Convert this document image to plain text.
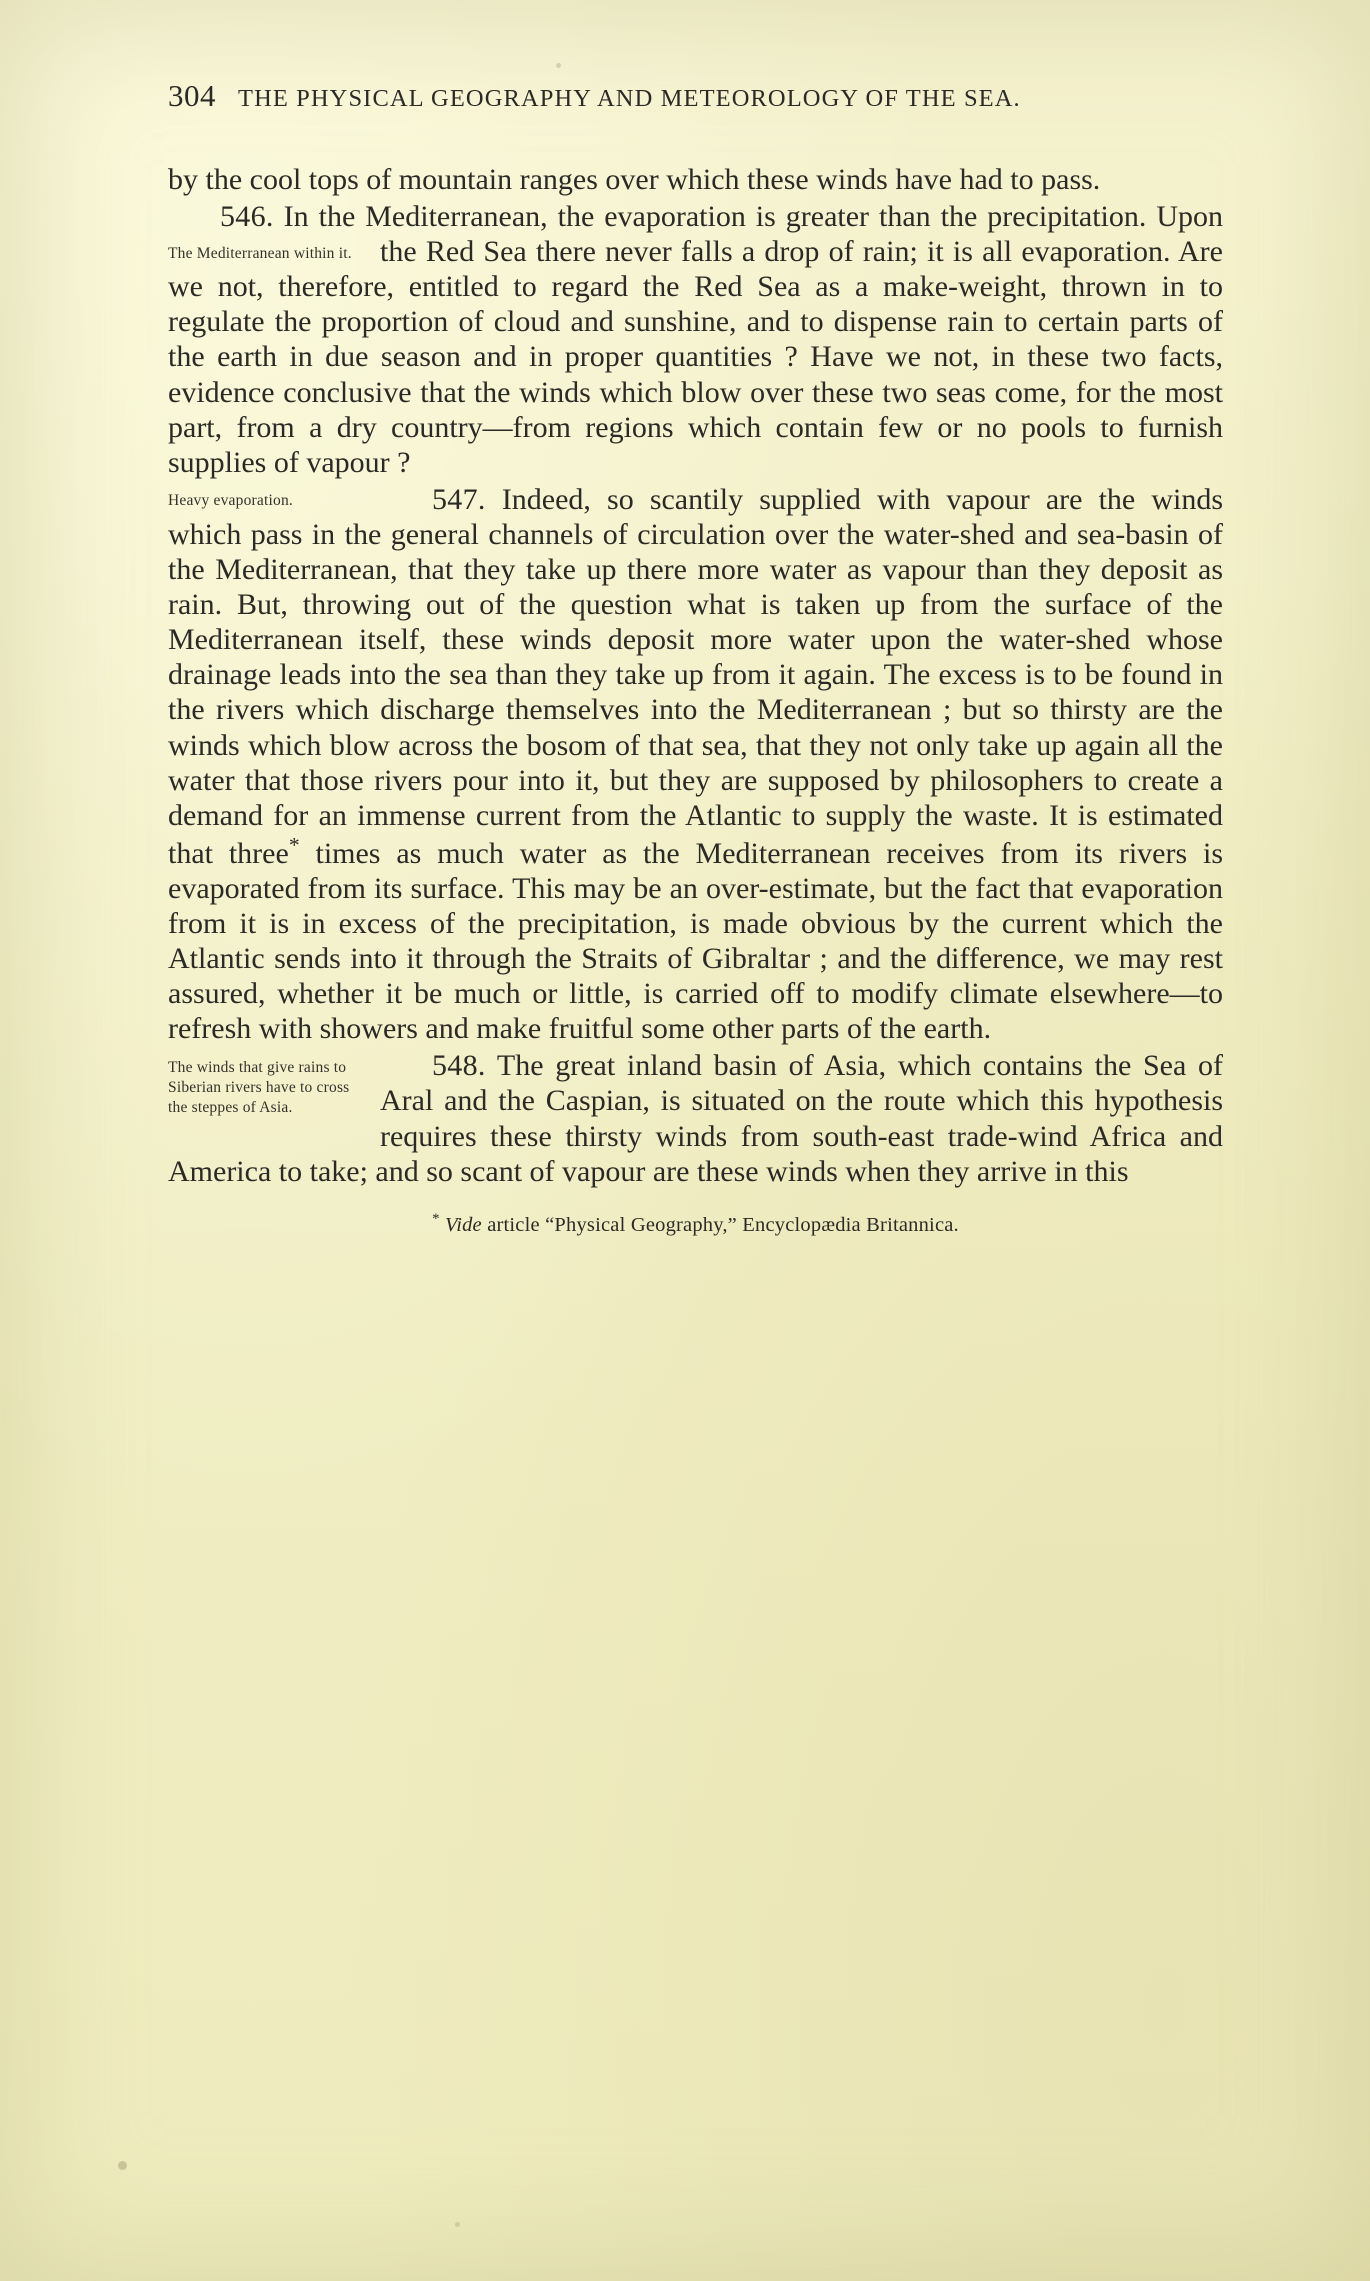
304 THE PHYSICAL GEOGRAPHY AND METEOROLOGY OF THE SEA.

by the cool tops of mountain ranges over which these winds have had to pass.

546. In the Mediterranean, the evaporation is greater than the precipitation.
The Mediterranean within it.
Upon the Red Sea there never falls a drop of rain; it is all evaporation. Are we not, therefore, entitled to regard the Red Sea as a make-weight, thrown in to regulate the proportion of cloud and sunshine, and to dispense rain to certain parts of the earth in due season and in proper quantities ? Have we not, in these two facts, evidence conclusive that the winds which blow over these two seas come, for the most part, from a dry country—from regions which contain few or no pools to furnish supplies of vapour ?

547. Indeed, so scantily supplied with vapour are the winds
Heavy evaporation.
which pass in the general channels of circulation over the water-shed and sea-basin of the Mediterranean, that they take up there more water as vapour than they deposit as rain. But, throwing out of the question what is taken up from the surface of the Mediterranean itself, these winds deposit more water upon the water-shed whose drainage leads into the sea than they take up from it again. The excess is to be found in the rivers which discharge themselves into the Mediterranean ; but so thirsty are the winds which blow across the bosom of that sea, that they not only take up again all the water that those rivers pour into it, but they are supposed by philosophers to create a demand for an immense current from the Atlantic to supply the waste. It is estimated that three* times as much water as the Mediterranean receives from its rivers is evaporated from its surface. This may be an over-estimate, but the fact that evaporation from it is in excess of the precipitation, is made obvious by the current which the Atlantic sends into it through the Straits of Gibraltar ; and the difference, we may rest assured, whether it be much or little, is carried off to modify climate elsewhere—to refresh with showers and make fruitful some other parts of the earth.

548. The great inland basin of Asia, which contains the Sea of
The winds that give rains to Siberian rivers have to cross the steppes of Asia.	Aral and the Caspian, is situated on the route which this hypothesis requires these thirsty winds from south-east trade-wind Africa and America to take; and so scant of vapour are these winds when they arrive in this

* Vide article “Physical Geography,” Encyclopædia Britannica.
